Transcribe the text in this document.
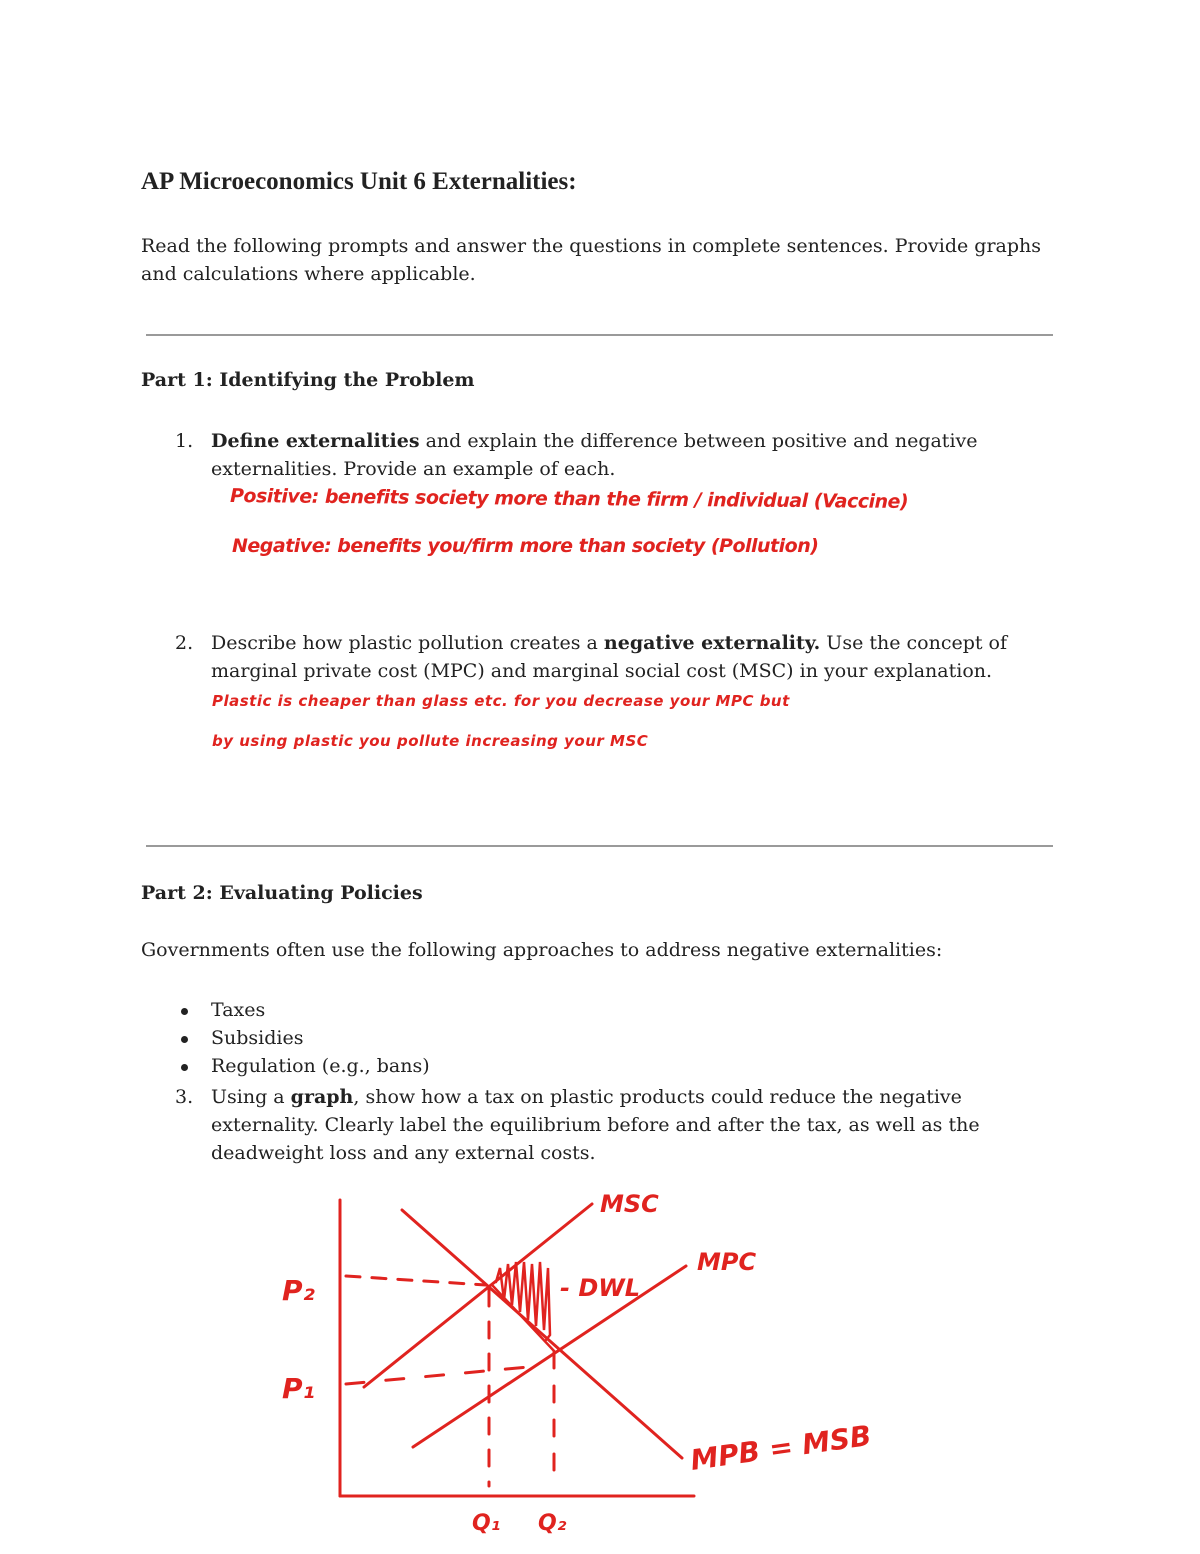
AP Microeconomics Unit 6 Externalities:
Read the following prompts and answer the questions in complete sentences. Provide graphs and calculations where applicable.
Part 1: Identifying the Problem
1. Define externalities and explain the difference between positive and negative externalities. Provide an example of each.
Positive: benefits society more than the firm / individual (Vaccine)
Negative: benefits you/firm more than society (Pollution)
2. Describe how plastic pollution creates a negative externality. Use the concept of marginal private cost (MPC) and marginal social cost (MSC) in your explanation.
Plastic is cheaper than glass etc. for you decrease your MPC but
by using plastic you pollute increasing your MSC
Part 2: Evaluating Policies
Governments often use the following approaches to address negative externalities:
Taxes
Subsidies
Regulation (e.g., bans)
3. Using a graph, show how a tax on plastic products could reduce the negative externality. Clearly label the equilibrium before and after the tax, as well as the deadweight loss and any external costs.
MSC
MPC
- DWL
MPB = MSB
P₂
P₁
Q₁ Q₂
